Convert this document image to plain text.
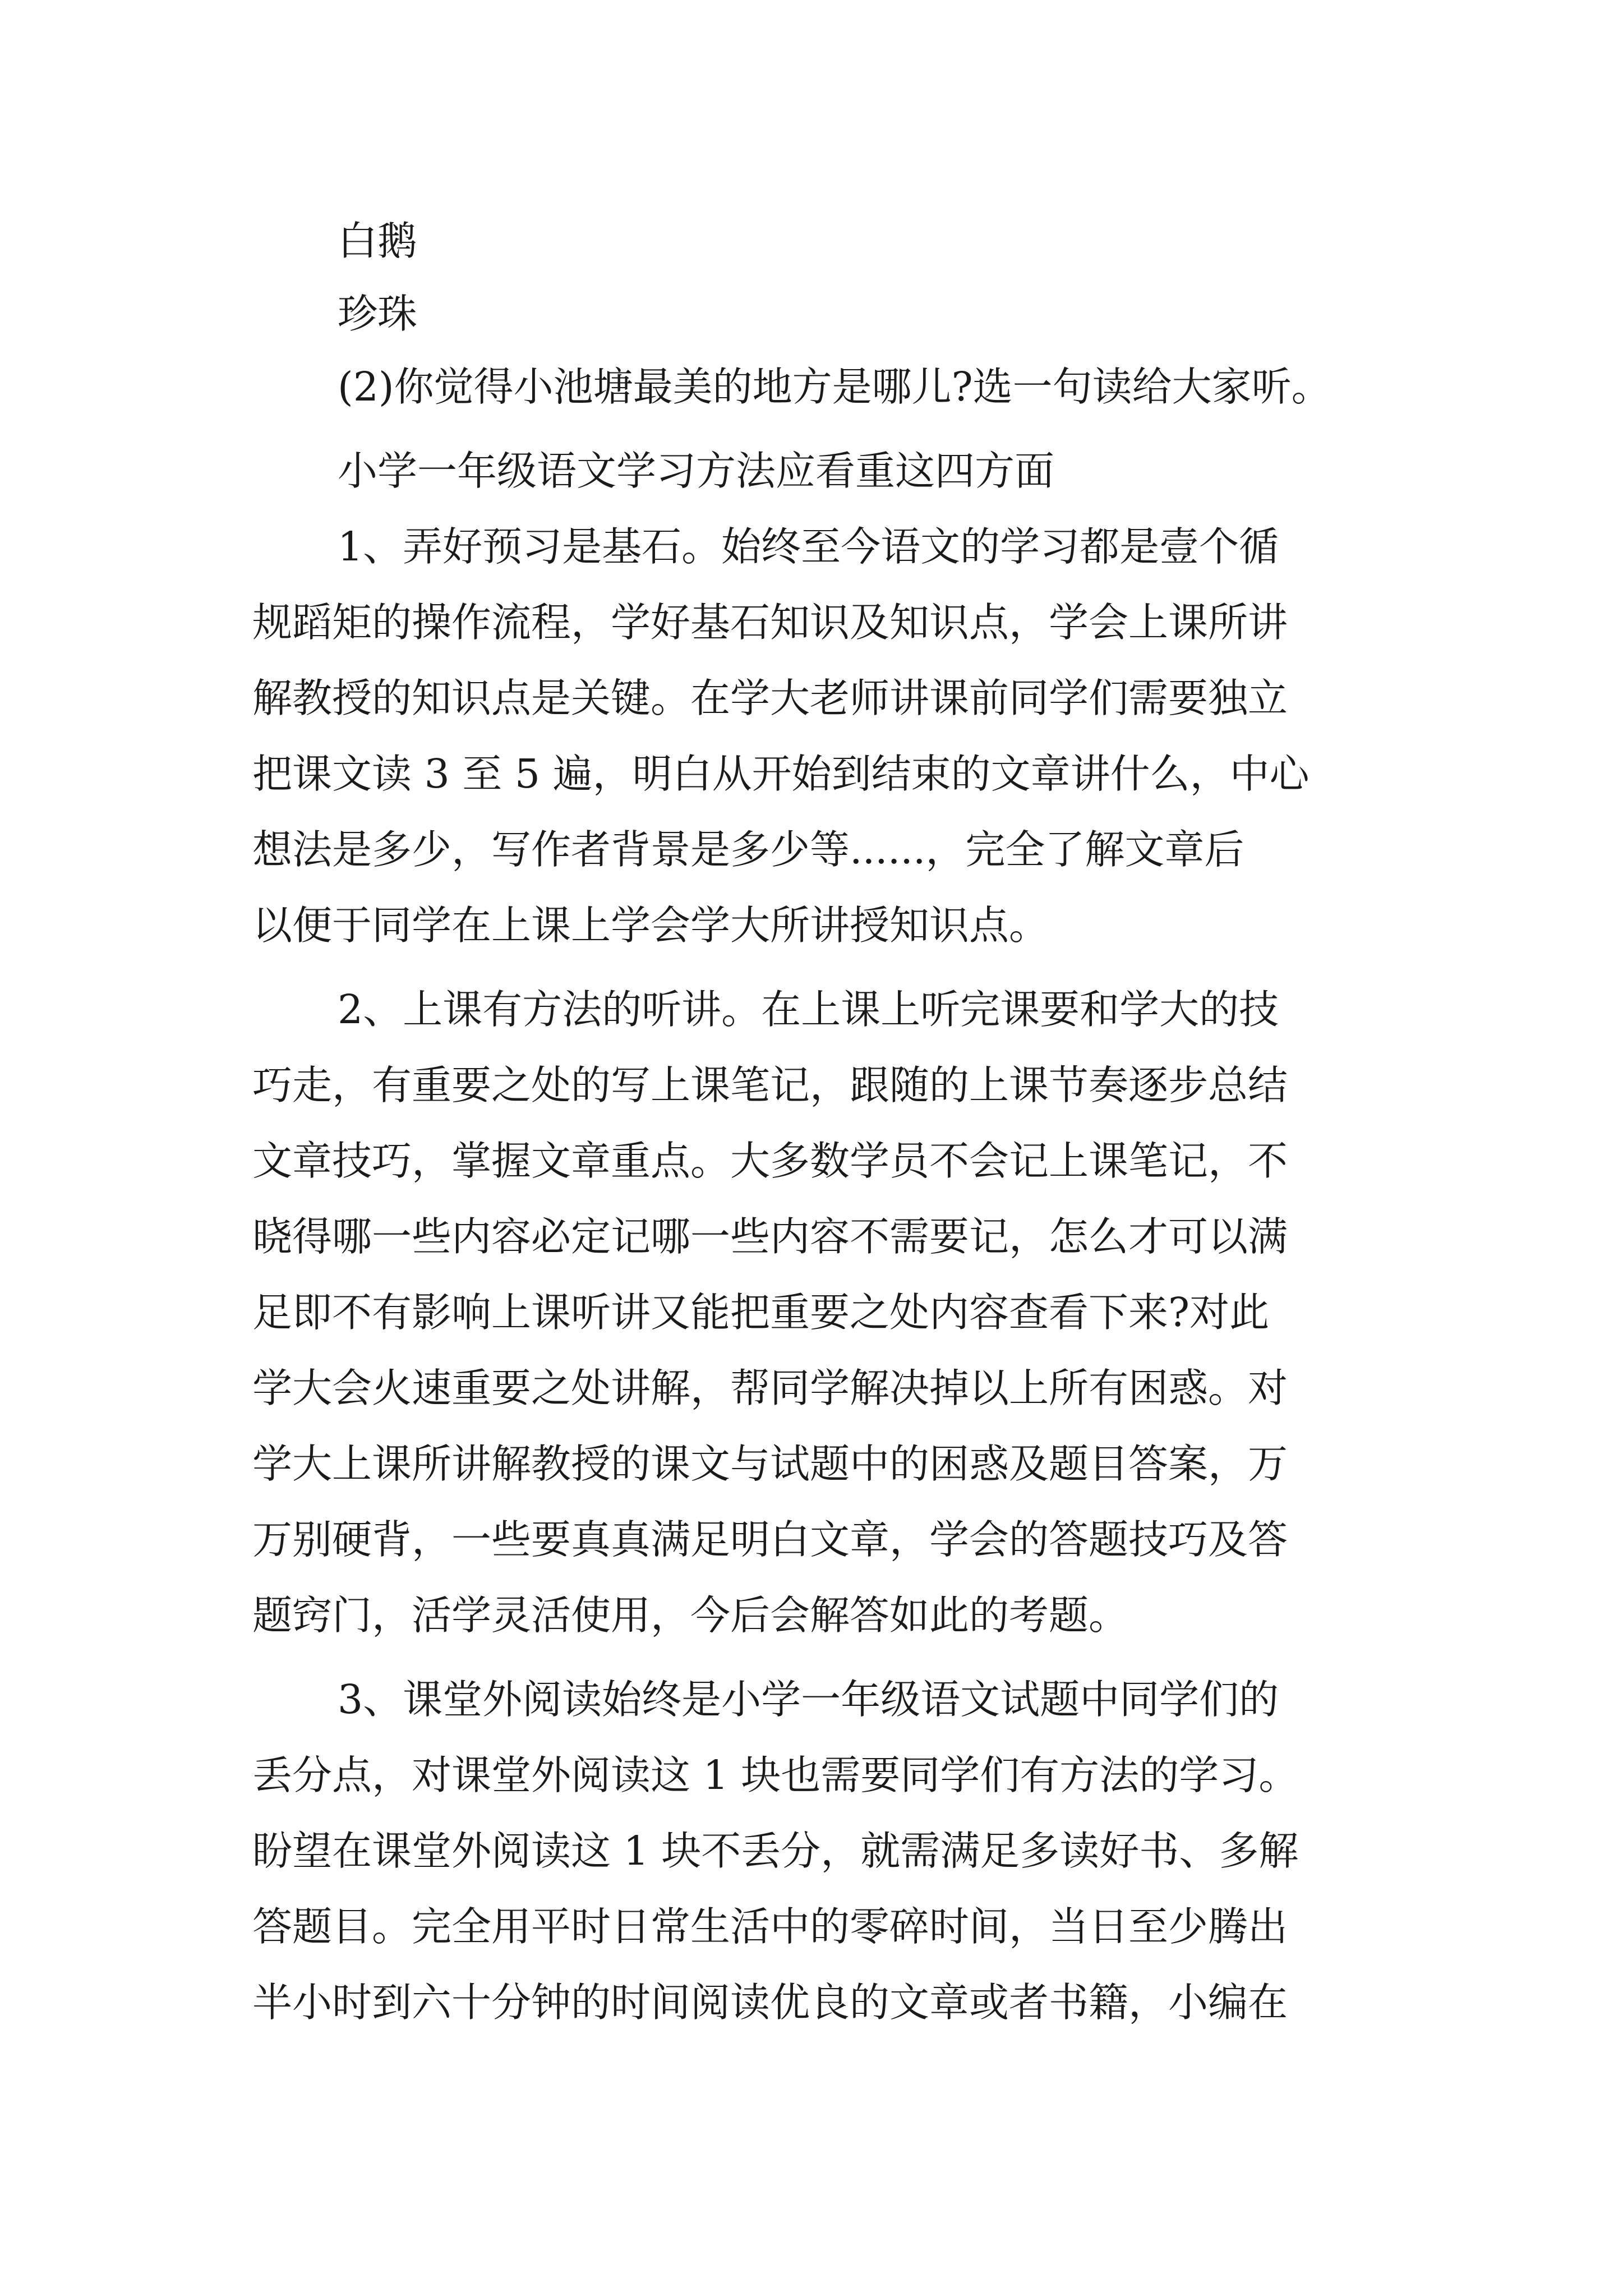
白鹅
珍珠
(2)你觉得小池塘最美的地方是哪儿?选一句读给大家听。
小学一年级语文学习方法应看重这四方面
1、弄好预习是基石。始终至今语文的学习都是壹个循
规蹈矩的操作流程，学好基石知识及知识点，学会上课所讲
解教授的知识点是关键。在学大老师讲课前同学们需要独立
把课文读 3 至 5 遍，明白从开始到结束的文章讲什么，中心
想法是多少，写作者背景是多少等......，完全了解文章后
以便于同学在上课上学会学大所讲授知识点。
2、上课有方法的听讲。在上课上听完课要和学大的技
巧走，有重要之处的写上课笔记，跟随的上课节奏逐步总结
文章技巧，掌握文章重点。大多数学员不会记上课笔记，不
晓得哪一些内容必定记哪一些内容不需要记，怎么才可以满
足即不有影响上课听讲又能把重要之处内容查看下来?对此
学大会火速重要之处讲解，帮同学解决掉以上所有困惑。对
学大上课所讲解教授的课文与试题中的困惑及题目答案，万
万别硬背，一些要真真满足明白文章，学会的答题技巧及答
题窍门，活学灵活使用，今后会解答如此的考题。
3、课堂外阅读始终是小学一年级语文试题中同学们的
丢分点，对课堂外阅读这 1 块也需要同学们有方法的学习。
盼望在课堂外阅读这 1 块不丢分，就需满足多读好书、多解
答题目。完全用平时日常生活中的零碎时间，当日至少腾出
半小时到六十分钟的时间阅读优良的文章或者书籍，小编在
